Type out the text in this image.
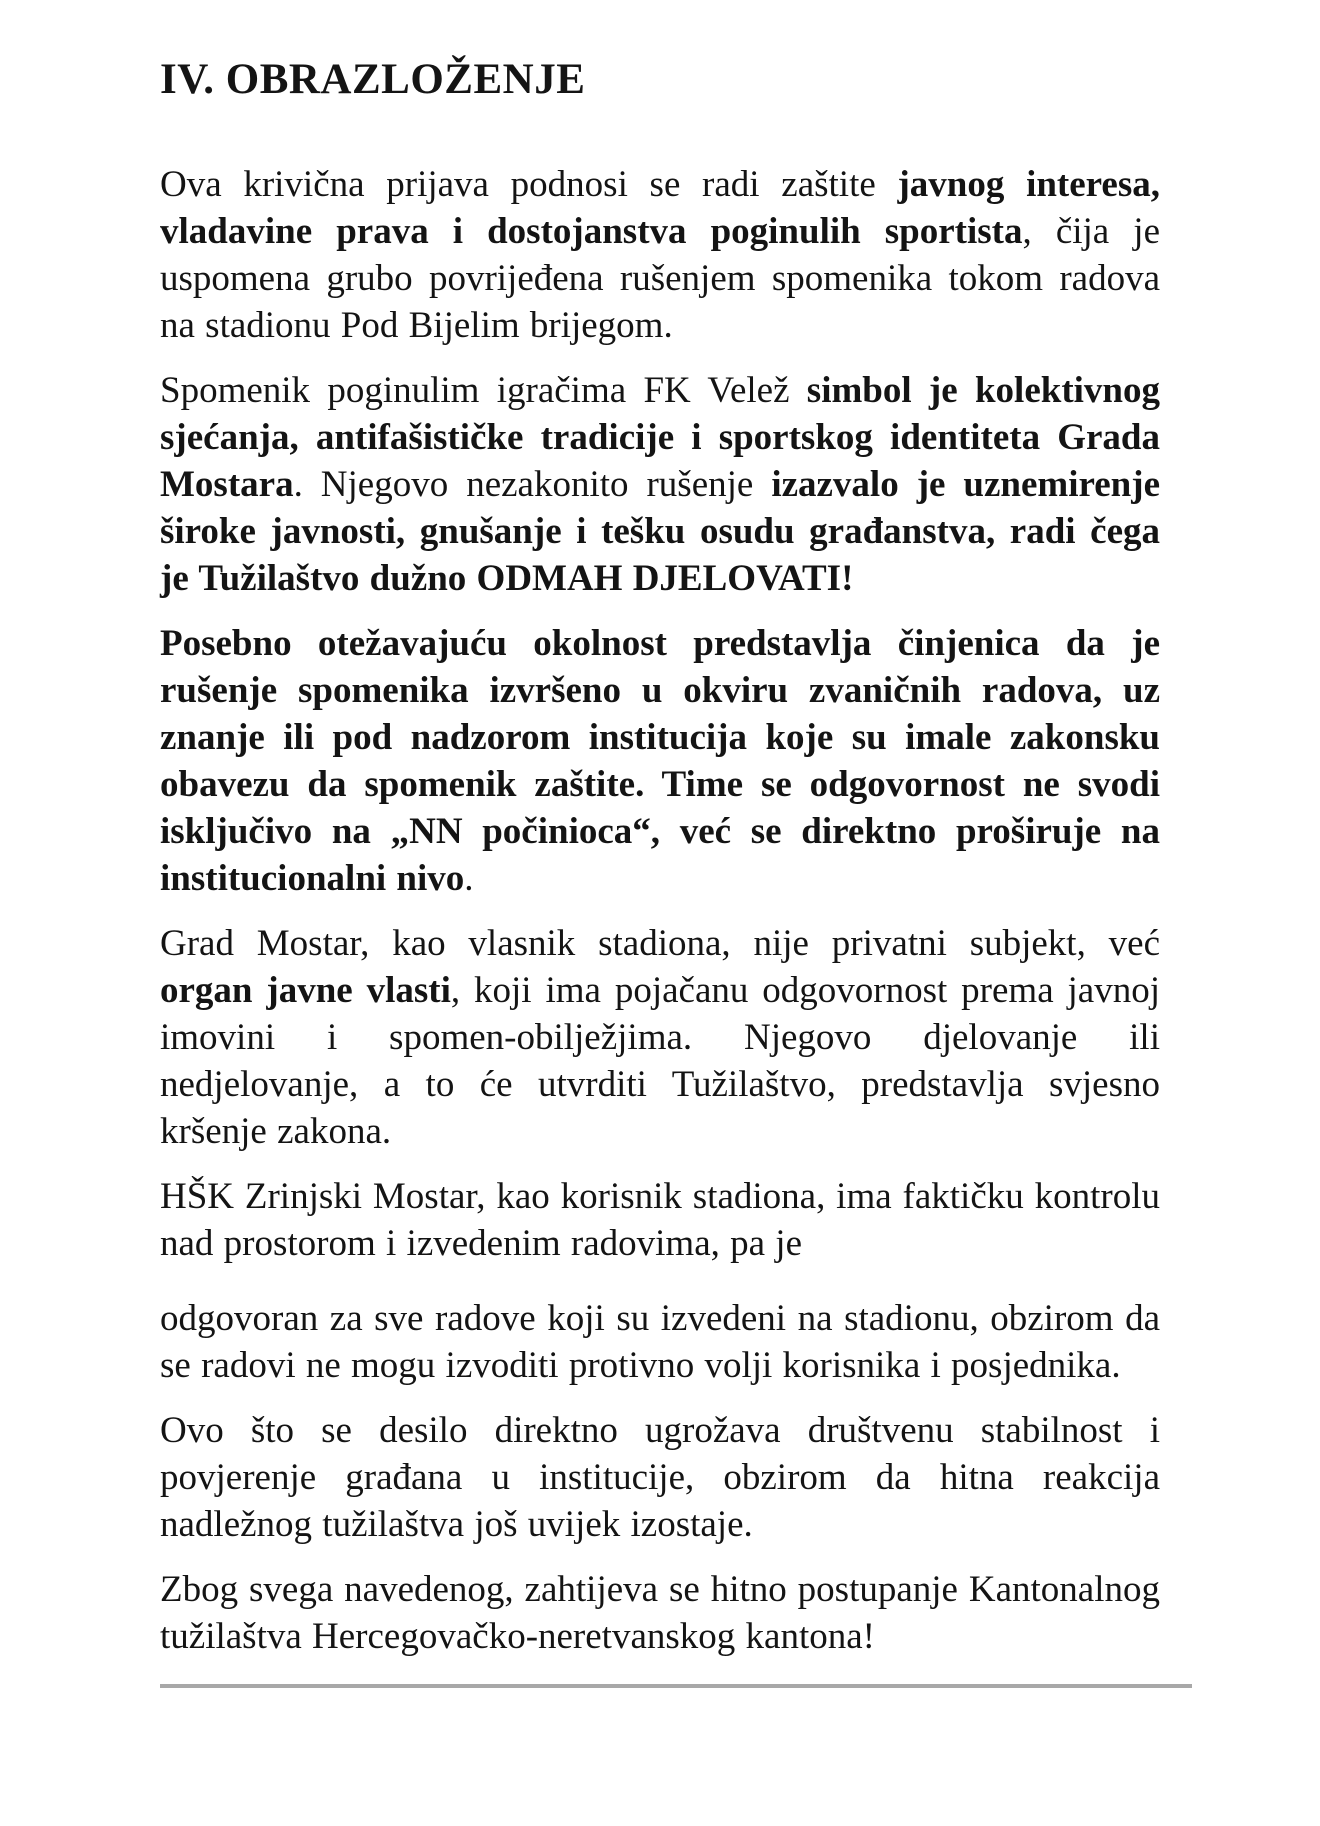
IV. OBRAZLOŽENJE

Ova krivična prijava podnosi se radi zaštite javnog interesa, vladavine prava i dostojanstva poginulih sportista, čija je uspomena grubo povrijeđena rušenjem spomenika tokom radova na stadionu Pod Bijelim brijegom.

Spomenik poginulim igračima FK Velež simbol je kolektivnog sjećanja, antifašističke tradicije i sportskog identiteta Grada Mostara. Njegovo nezakonito rušenje izazvalo je uznemirenje široke javnosti, gnušanje i tešku osudu građanstva, radi čega je Tužilaštvo dužno ODMAH DJELOVATI!

Posebno otežavajuću okolnost predstavlja činjenica da je rušenje spomenika izvršeno u okviru zvaničnih radova, uz znanje ili pod nadzorom institucija koje su imale zakonsku obavezu da spomenik zaštite. Time se odgovornost ne svodi isključivo na „NN počinioca“, već se direktno proširuje na institucionalni nivo.

Grad Mostar, kao vlasnik stadiona, nije privatni subjekt, već organ javne vlasti, koji ima pojačanu odgovornost prema javnoj imovini i spomen-obilježjima. Njegovo djelovanje ili nedjelovanje, a to će utvrditi Tužilaštvo, predstavlja svjesno kršenje zakona.

HŠK Zrinjski Mostar, kao korisnik stadiona, ima faktičku kontrolu nad prostorom i izvedenim radovima, pa je

odgovoran za sve radove koji su izvedeni na stadionu, obzirom da se radovi ne mogu izvoditi protivno volji korisnika i posjednika.

Ovo što se desilo direktno ugrožava društvenu stabilnost i povjerenje građana u institucije, obzirom da hitna reakcija nadležnog tužilaštva još uvijek izostaje.

Zbog svega navedenog, zahtijeva se hitno postupanje Kantonalnog tužilaštva Hercegovačko-neretvanskog kantona!
